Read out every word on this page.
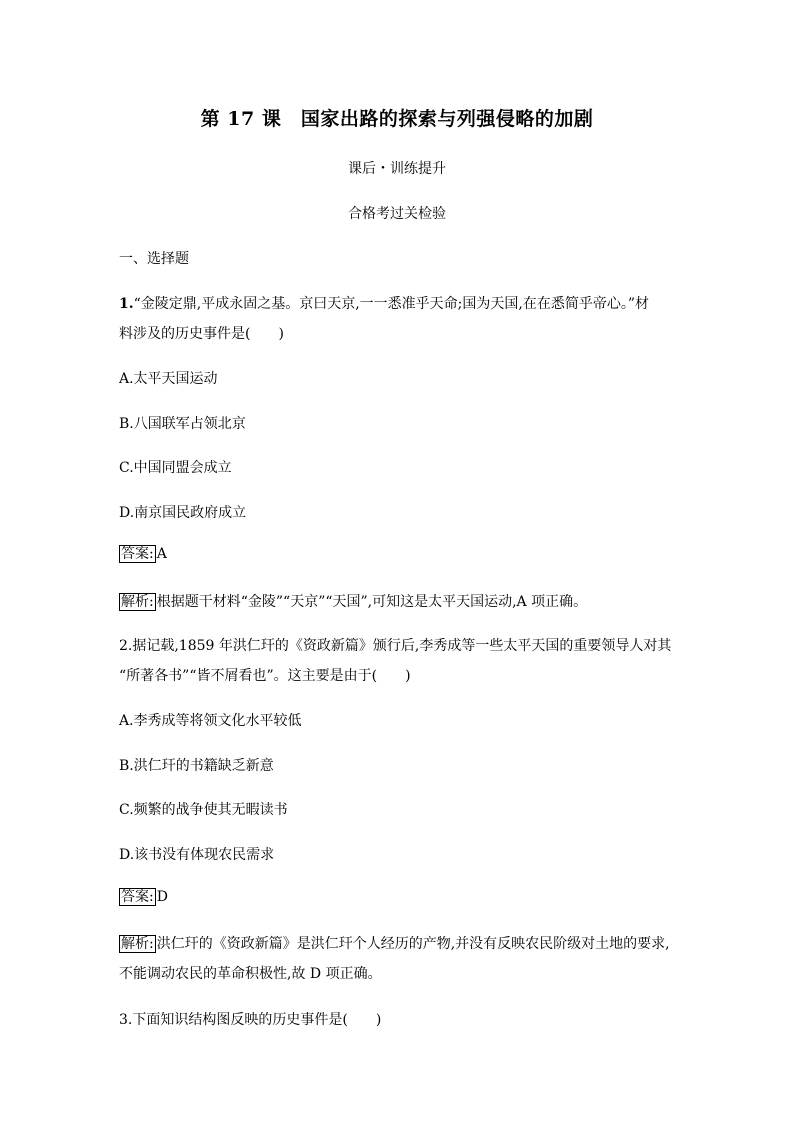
第 17 课　国家出路的探索与列强侵略的加剧
课后・训练提升
合格考过关检验
一、选择题
1.“金陵定鼎,平成永固之基。京曰天京,一一悉准乎天命;国为天国,在在悉简乎帝心。”材
料涉及的历史事件是(　　)
A.太平天国运动
B.八国联军占领北京
C.中国同盟会成立
D.南京国民政府成立
答案: A
解析: 根据题干材料“金陵”“天京”“天国”,可知这是太平天国运动,A 项正确。
2.据记载,1859 年洪仁玕的《资政新篇》颁行后,李秀成等一些太平天国的重要领导人对其
“所著各书”“皆不屑看也”。这主要是由于(　　)
A.李秀成等将领文化水平较低
B.洪仁玕的书籍缺乏新意
C.频繁的战争使其无暇读书
D.该书没有体现农民需求
答案: D
解析: 洪仁玕的《资政新篇》是洪仁玕个人经历的产物,并没有反映农民阶级对土地的要求,
不能调动农民的革命积极性,故 D 项正确。
3.下面知识结构图反映的历史事件是(　　)
